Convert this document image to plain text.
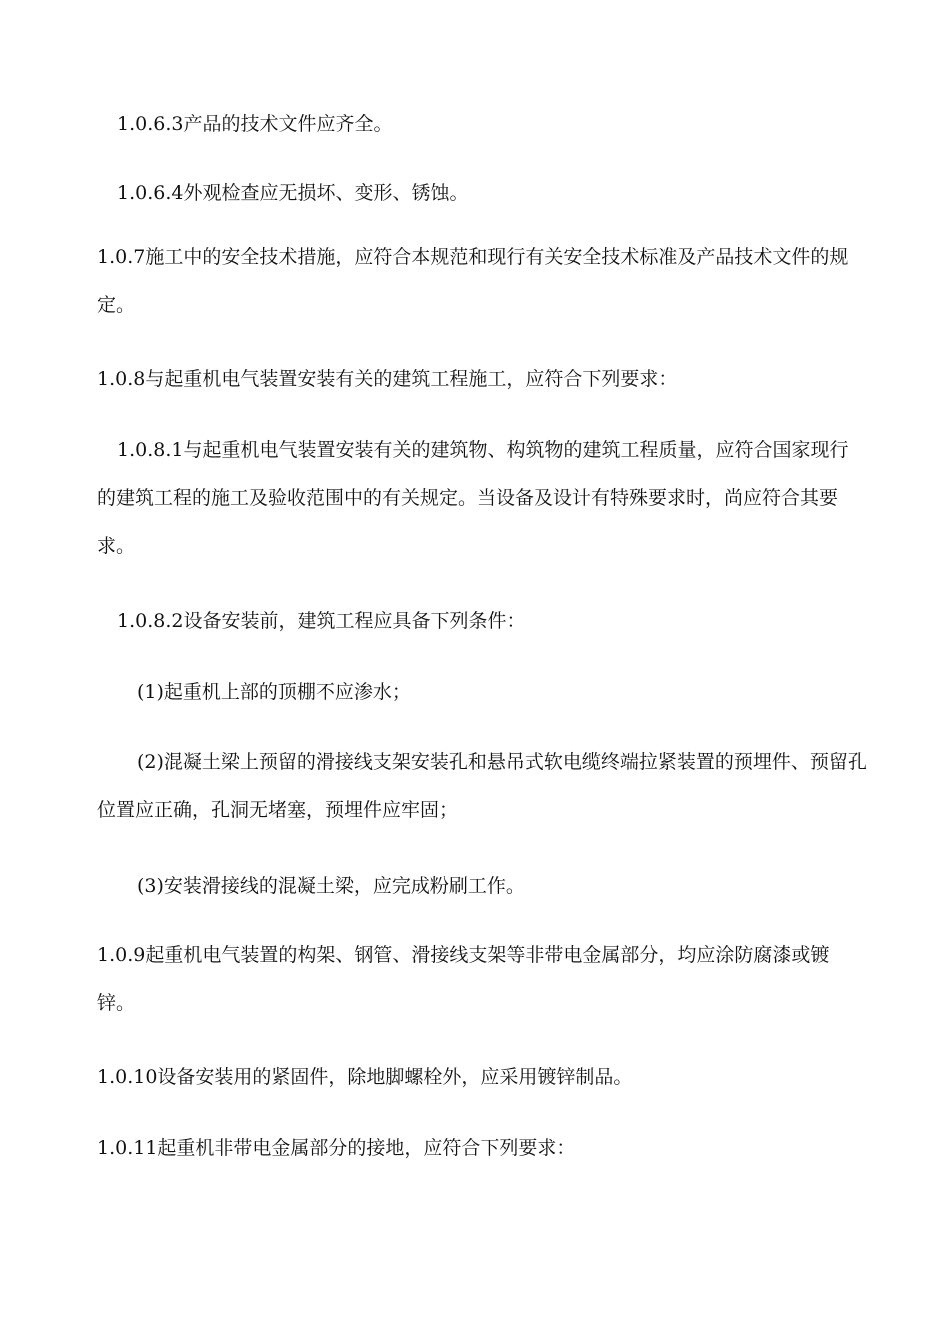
1.0.6.3产品的技术文件应齐全。

1.0.6.4外观检查应无损坏、变形、锈蚀。

1.0.7施工中的安全技术措施，应符合本规范和现行有关安全技术标准及产品技术文件的规定。

1.0.8与起重机电气装置安装有关的建筑工程施工，应符合下列要求：

1.0.8.1与起重机电气装置安装有关的建筑物、构筑物的建筑工程质量，应符合国家现行的建筑工程的施工及验收范围中的有关规定。当设备及设计有特殊要求时，尚应符合其要求。

1.0.8.2设备安装前，建筑工程应具备下列条件：

(1)起重机上部的顶棚不应渗水；

(2)混凝土梁上预留的滑接线支架安装孔和悬吊式软电缆终端拉紧装置的预埋件、预留孔位置应正确，孔洞无堵塞，预埋件应牢固；

(3)安装滑接线的混凝土梁，应完成粉刷工作。

1.0.9起重机电气装置的构架、钢管、滑接线支架等非带电金属部分，均应涂防腐漆或镀锌。

1.0.10设备安装用的紧固件，除地脚螺栓外，应采用镀锌制品。

1.0.11起重机非带电金属部分的接地，应符合下列要求：
